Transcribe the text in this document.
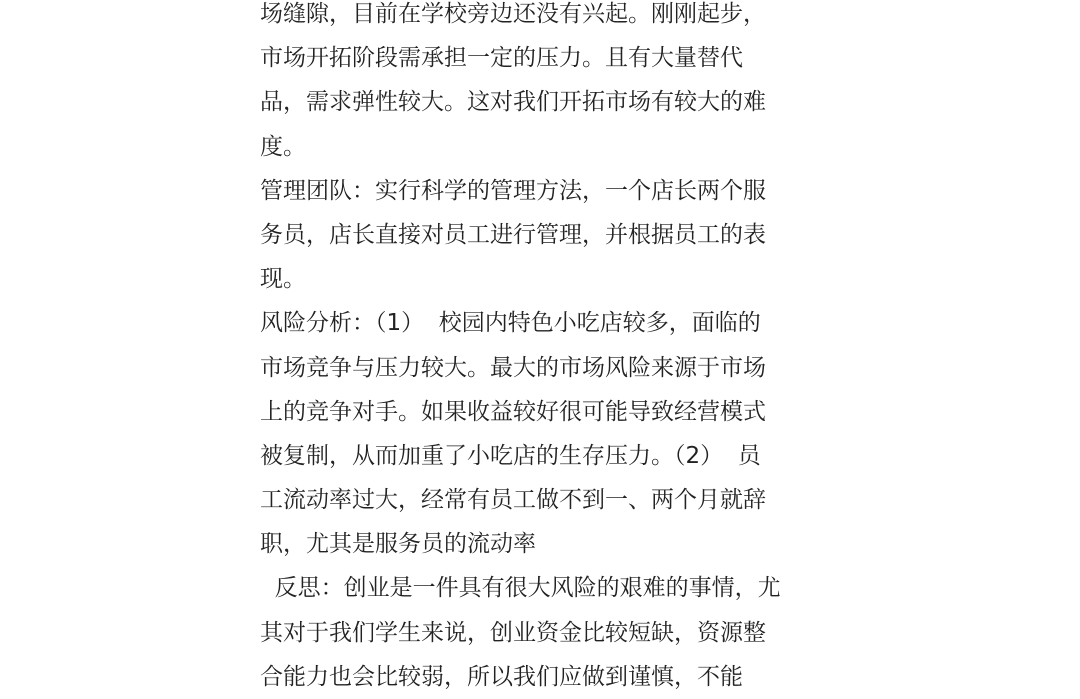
场缝隙，目前在学校旁边还没有兴起。刚刚起步，
市场开拓阶段需承担一定的压力。且有大量替代
品，需求弹性较大。这对我们开拓市场有较大的难
度。
管理团队：实行科学的管理方法，一个店长两个服
务员，店长直接对员工进行管理，并根据员工的表
现。
风险分析：（1）  校园内特色小吃店较多，面临的
市场竞争与压力较大。最大的市场风险来源于市场
上的竞争对手。如果收益较好很可能导致经营模式
被复制，从而加重了小吃店的生存压力。（2）  员
工流动率过大，经常有员工做不到一、两个月就辞
职，尤其是服务员的流动率
反思：创业是一件具有很大风险的艰难的事情，尤
其对于我们学生来说，创业资金比较短缺，资源整
合能力也会比较弱，所以我们应做到谨慎，不能
